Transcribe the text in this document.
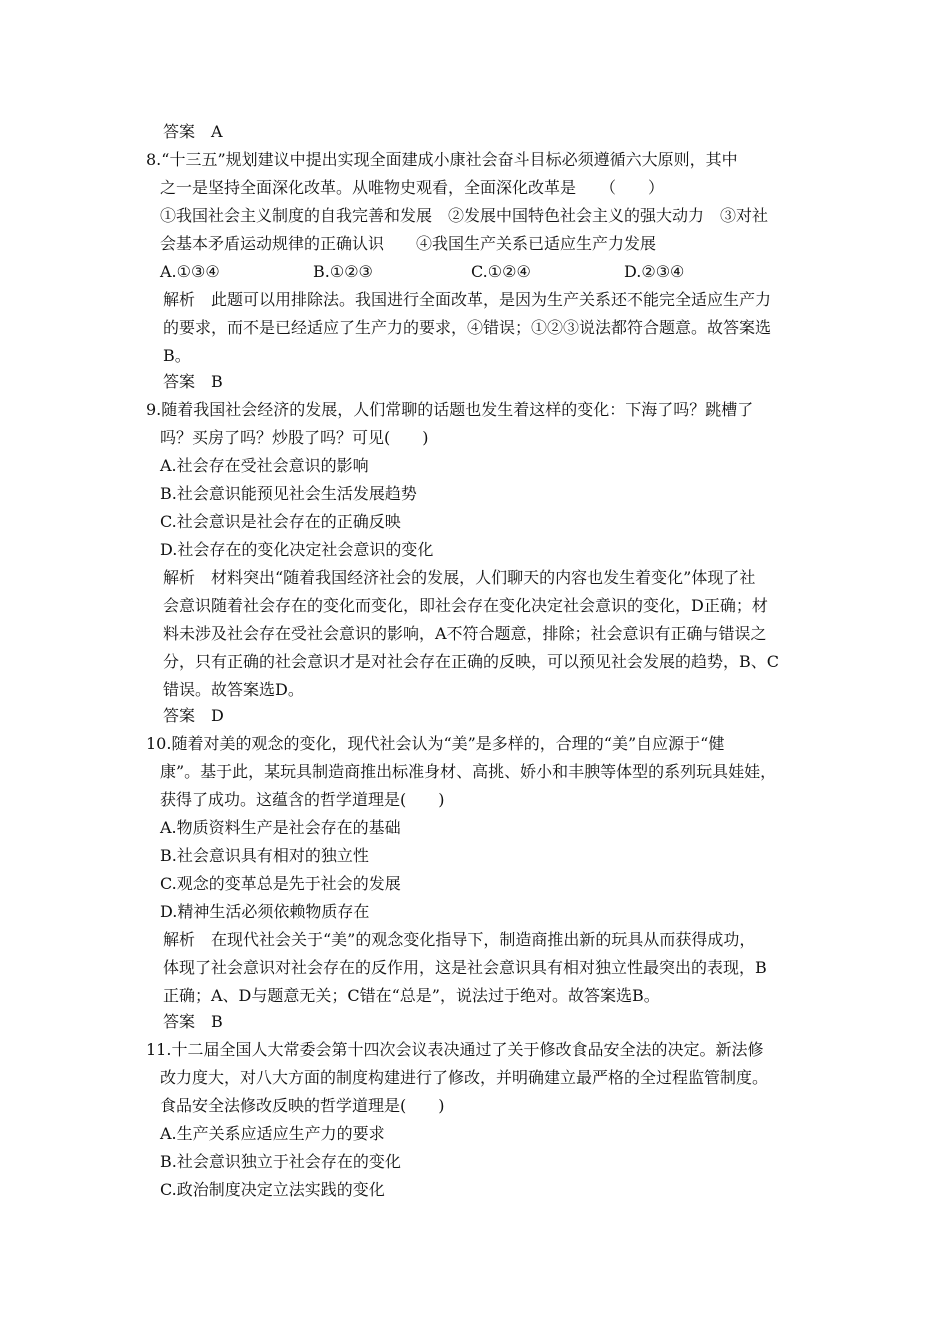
答案　A
8.“十三五”规划建议中提出实现全面建成小康社会奋斗目标必须遵循六大原则，其中
之一是坚持全面深化改革。从唯物史观看，全面深化改革是　　（　　）
①我国社会主义制度的自我完善和发展　②发展中国特色社会主义的强大动力　③对社
会基本矛盾运动规律的正确认识　　④我国生产关系已适应生产力发展
A.①③④	B.①②③	C.①②④	D.②③④
解析　此题可以用排除法。我国进行全面改革，是因为生产关系还不能完全适应生产力
的要求，而不是已经适应了生产力的要求，④错误；①②③说法都符合题意。故答案选
B。
答案　B
9.随着我国社会经济的发展，人们常聊的话题也发生着这样的变化：下海了吗？跳槽了
吗？买房了吗？炒股了吗？可见(　　)
A.社会存在受社会意识的影响
B.社会意识能预见社会生活发展趋势
C.社会意识是社会存在的正确反映
D.社会存在的变化决定社会意识的变化
解析　材料突出“随着我国经济社会的发展，人们聊天的内容也发生着变化”体现了社
会意识随着社会存在的变化而变化，即社会存在变化决定社会意识的变化，D正确；材
料未涉及社会存在受社会意识的影响，A不符合题意，排除；社会意识有正确与错误之
分，只有正确的社会意识才是对社会存在正确的反映，可以预见社会发展的趋势，B、C
错误。故答案选D。
答案　D
10.随着对美的观念的变化，现代社会认为“美”是多样的，合理的“美”自应源于“健
康”。基于此，某玩具制造商推出标准身材、高挑、娇小和丰腴等体型的系列玩具娃娃，
获得了成功。这蕴含的哲学道理是(　　)
A.物质资料生产是社会存在的基础
B.社会意识具有相对的独立性
C.观念的变革总是先于社会的发展
D.精神生活必须依赖物质存在
解析　在现代社会关于“美”的观念变化指导下，制造商推出新的玩具从而获得成功，
体现了社会意识对社会存在的反作用，这是社会意识具有相对独立性最突出的表现，B
正确；A、D与题意无关；C错在“总是”，说法过于绝对。故答案选B。
答案　B
11.十二届全国人大常委会第十四次会议表决通过了关于修改食品安全法的决定。新法修
改力度大，对八大方面的制度构建进行了修改，并明确建立最严格的全过程监管制度。
食品安全法修改反映的哲学道理是(　　)
A.生产关系应适应生产力的要求
B.社会意识独立于社会存在的变化
C.政治制度决定立法实践的变化
